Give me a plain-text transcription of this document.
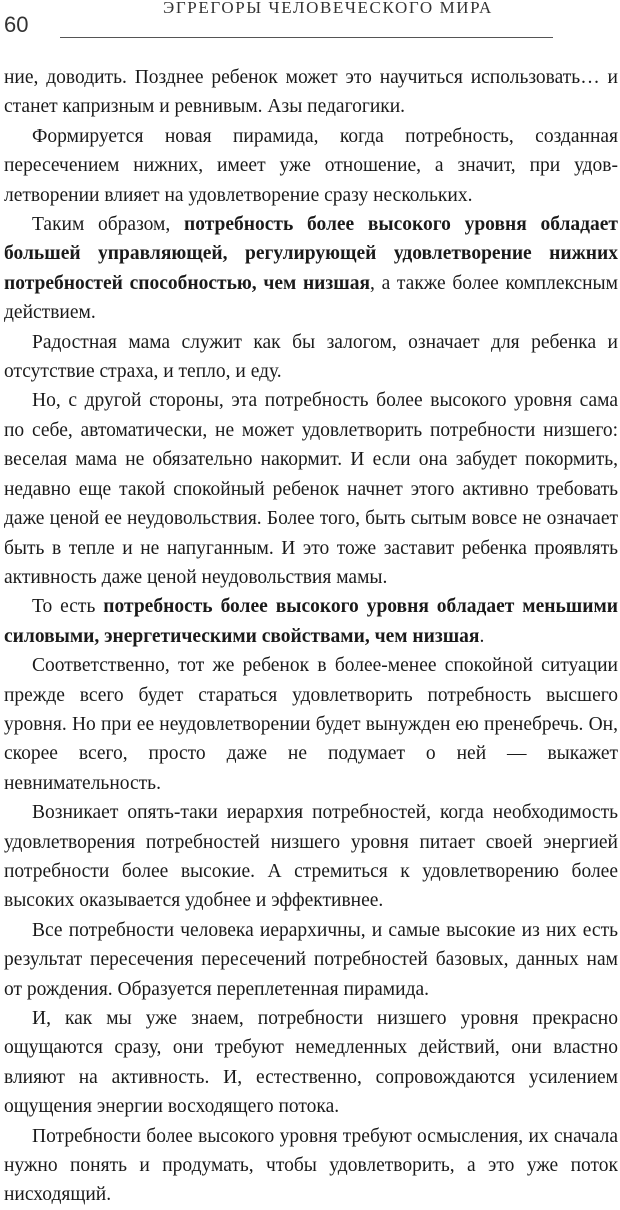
60
ЭГРЕГОРЫ ЧЕЛОВЕЧЕСКОГО МИРА

ние, доводить. Позднее ребенок может это научиться использовать… и станет капризным и ревнивым. Азы педагогики.

Формируется новая пирамида, когда потребность, созданная пересечением нижних, имеет уже отношение, а значит, при удовлетворении влияет на удовлетворение сразу нескольких.

Таким образом, потребность более высокого уровня обладает большей управляющей, регулирующей удовлетворение нижних потребностей способностью, чем низшая, а также более комплексным действием.

Радостная мама служит как бы залогом, означает для ребенка и отсутствие страха, и тепло, и еду.

Но, с другой стороны, эта потребность более высокого уровня сама по себе, автоматически, не может удовлетворить потребности низшего: веселая мама не обязательно накормит. И если она забудет покормить, недавно еще такой спокойный ребенок начнет этого активно требовать даже ценой ее неудовольствия. Более того, быть сытым вовсе не означает быть в тепле и не напуганным. И это тоже заставит ребенка проявлять активность даже ценой неудовольствия мамы.

То есть потребность более высокого уровня обладает меньшими силовыми, энергетическими свойствами, чем низшая.

Соответственно, тот же ребенок в более-менее спокойной ситуации прежде всего будет стараться удовлетворить потребность высшего уровня. Но при ее неудовлетворении будет вынужден ею пренебречь. Он, скорее всего, просто даже не подумает о ней — выкажет невнимательность.

Возникает опять-таки иерархия потребностей, когда необходимость удовлетворения потребностей низшего уровня питает своей энергией потребности более высокие. А стремиться к удовлетворению более высоких оказывается удобнее и эффективнее.

Все потребности человека иерархичны, и самые высокие из них есть результат пересечения пересечений потребностей базовых, данных нам от рождения. Образуется переплетенная пирамида.

И, как мы уже знаем, потребности низшего уровня прекрасно ощущаются сразу, они требуют немедленных действий, они властно влияют на активность. И, естественно, сопровождаются усилением ощущения энергии восходящего потока.

Потребности более высокого уровня требуют осмысления, их сначала нужно понять и продумать, чтобы удовлетворить, а это уже поток нисходящий.
